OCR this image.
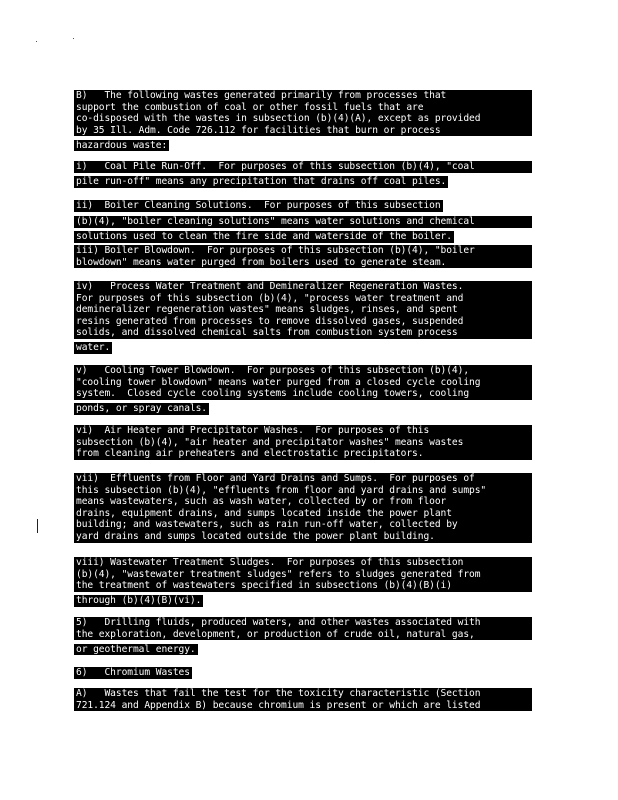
B)   The following wastes generated primarily from processes that
support the combustion of coal or other fossil fuels that are
co-disposed with the wastes in subsection (b)(4)(A), except as provided
by 35 Ill. Adm. Code 726.112 for facilities that burn or process
hazardous waste:
i)   Coal Pile Run-Off.  For purposes of this subsection (b)(4), "coal
pile run-off" means any precipitation that drains off coal piles.
ii)  Boiler Cleaning Solutions.  For purposes of this subsection
(b)(4), "boiler cleaning solutions" means water solutions and chemical
solutions used to clean the fire side and waterside of the boiler.
iii) Boiler Blowdown.  For purposes of this subsection (b)(4), "boiler
blowdown" means water purged from boilers used to generate steam.
iv)   Process Water Treatment and Demineralizer Regeneration Wastes.
For purposes of this subsection (b)(4), "process water treatment and
demineralizer regeneration wastes" means sludges, rinses, and spent
resins generated from processes to remove dissolved gases, suspended
solids, and dissolved chemical salts from combustion system process
water.
v)   Cooling Tower Blowdown.  For purposes of this subsection (b)(4),
"cooling tower blowdown" means water purged from a closed cycle cooling
system.  Closed cycle cooling systems include cooling towers, cooling
ponds, or spray canals.
vi)  Air Heater and Precipitator Washes.  For purposes of this
subsection (b)(4), "air heater and precipitator washes" means wastes
from cleaning air preheaters and electrostatic precipitators.
vii)  Effluents from Floor and Yard Drains and Sumps.  For purposes of
this subsection (b)(4), "effluents from floor and yard drains and sumps"
means wastewaters, such as wash water, collected by or from floor
drains, equipment drains, and sumps located inside the power plant
building; and wastewaters, such as rain run-off water, collected by
yard drains and sumps located outside the power plant building.
viii) Wastewater Treatment Sludges.  For purposes of this subsection
(b)(4), "wastewater treatment sludges" refers to sludges generated from
the treatment of wastewaters specified in subsections (b)(4)(B)(i)
through (b)(4)(B)(vi).
5)   Drilling fluids, produced waters, and other wastes associated with
the exploration, development, or production of crude oil, natural gas,
or geothermal energy.
6)   Chromium Wastes
A)   Wastes that fail the test for the toxicity characteristic (Section
721.124 and Appendix B) because chromium is present or which are listed
